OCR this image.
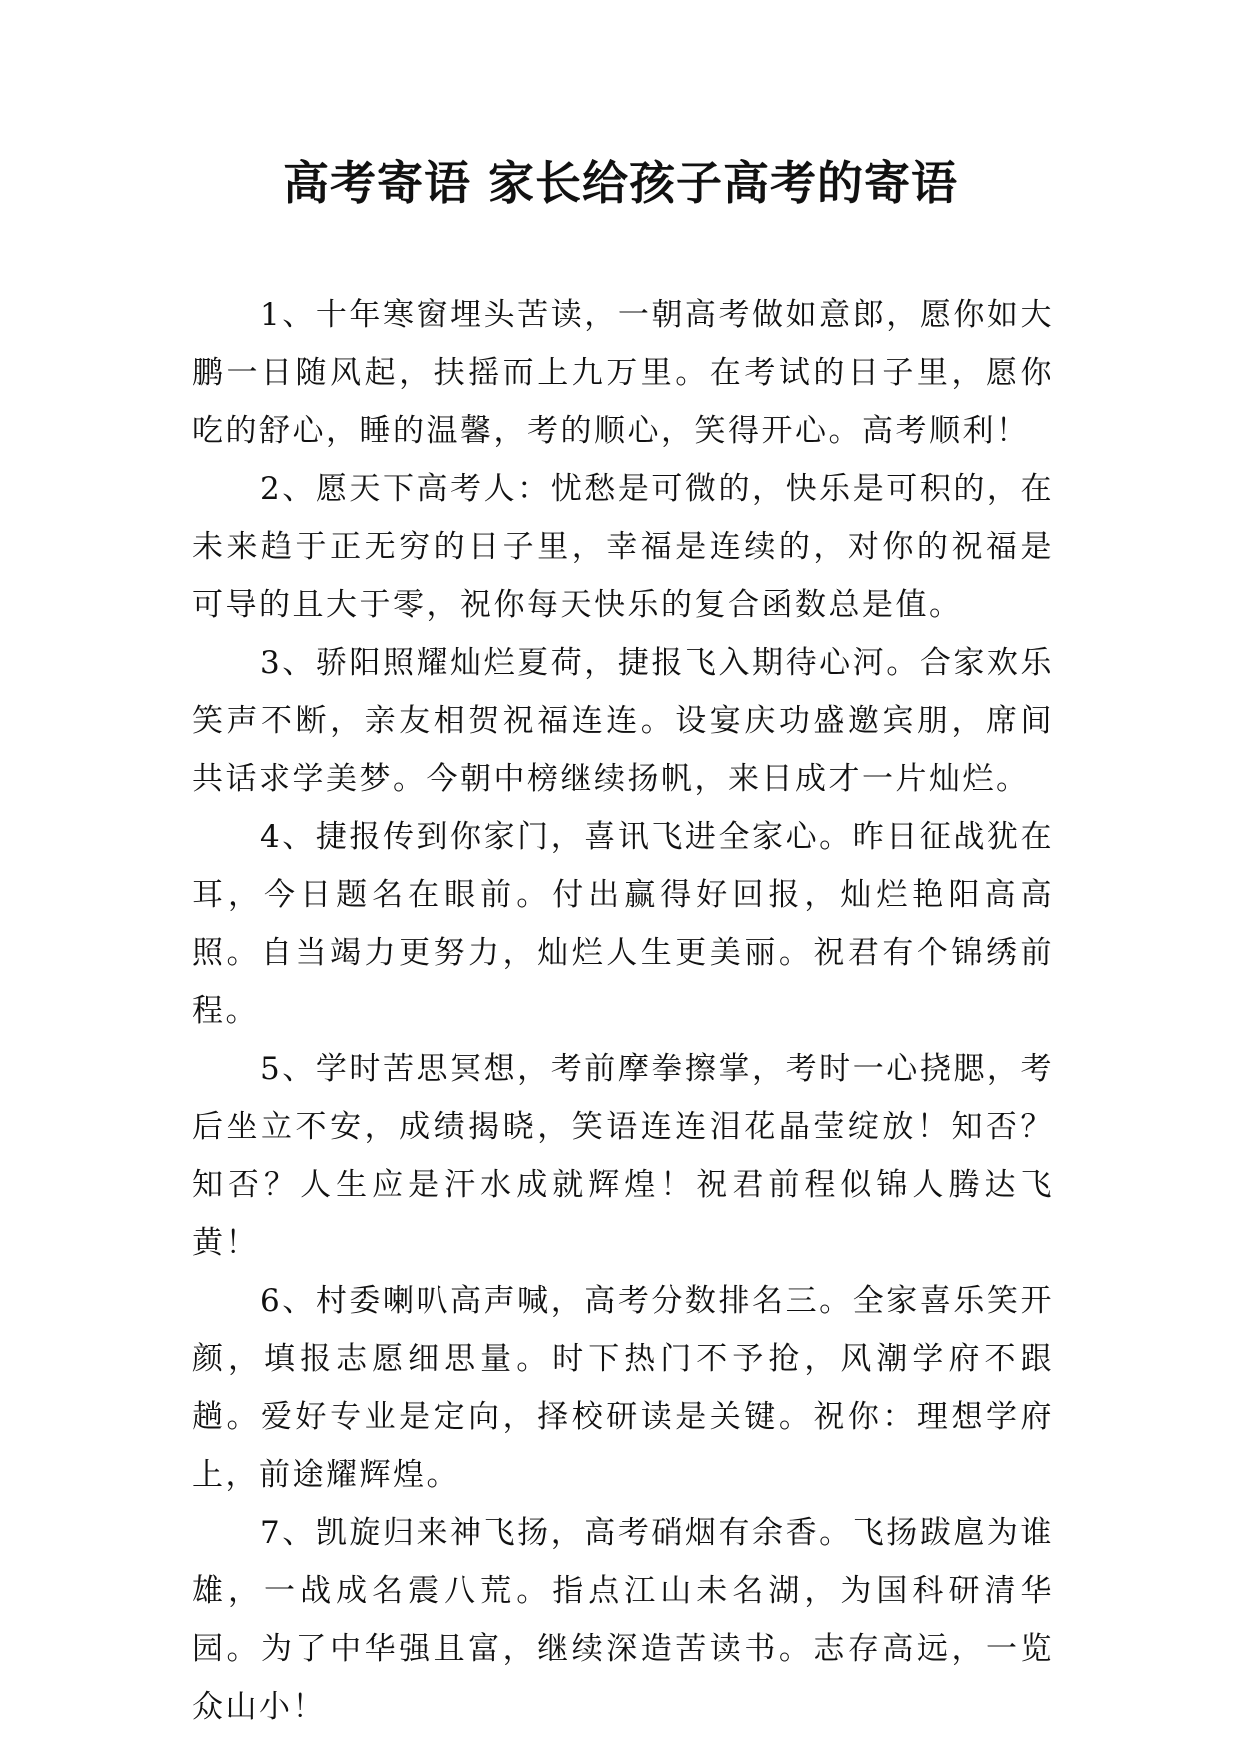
高考寄语 家长给孩子高考的寄语

1、十年寒窗埋头苦读，一朝高考做如意郎，愿你如大鹏一日随风起，扶摇而上九万里。在考试的日子里，愿你吃的舒心，睡的温馨，考的顺心，笑得开心。高考顺利！

2、愿天下高考人：忧愁是可微的，快乐是可积的，在未来趋于正无穷的日子里，幸福是连续的，对你的祝福是可导的且大于零，祝你每天快乐的复合函数总是值。

3、骄阳照耀灿烂夏荷，捷报飞入期待心河。合家欢乐笑声不断，亲友相贺祝福连连。设宴庆功盛邀宾朋，席间共话求学美梦。今朝中榜继续扬帆，来日成才一片灿烂。

4、捷报传到你家门，喜讯飞进全家心。昨日征战犹在耳，今日题名在眼前。付出赢得好回报，灿烂艳阳高高照。自当竭力更努力，灿烂人生更美丽。祝君有个锦绣前程。

5、学时苦思冥想，考前摩拳擦掌，考时一心挠腮，考后坐立不安，成绩揭晓，笑语连连泪花晶莹绽放！知否？知否？人生应是汗水成就辉煌！祝君前程似锦人腾达飞黄！

6、村委喇叭高声喊，高考分数排名三。全家喜乐笑开颜，填报志愿细思量。时下热门不予抢，风潮学府不跟趟。爱好专业是定向，择校研读是关键。祝你：理想学府上，前途耀辉煌。

7、凯旋归来神飞扬，高考硝烟有余香。飞扬跋扈为谁雄，一战成名震八荒。指点江山未名湖，为国科研清华园。为了中华强且富，继续深造苦读书。志存高远，一览众山小！
